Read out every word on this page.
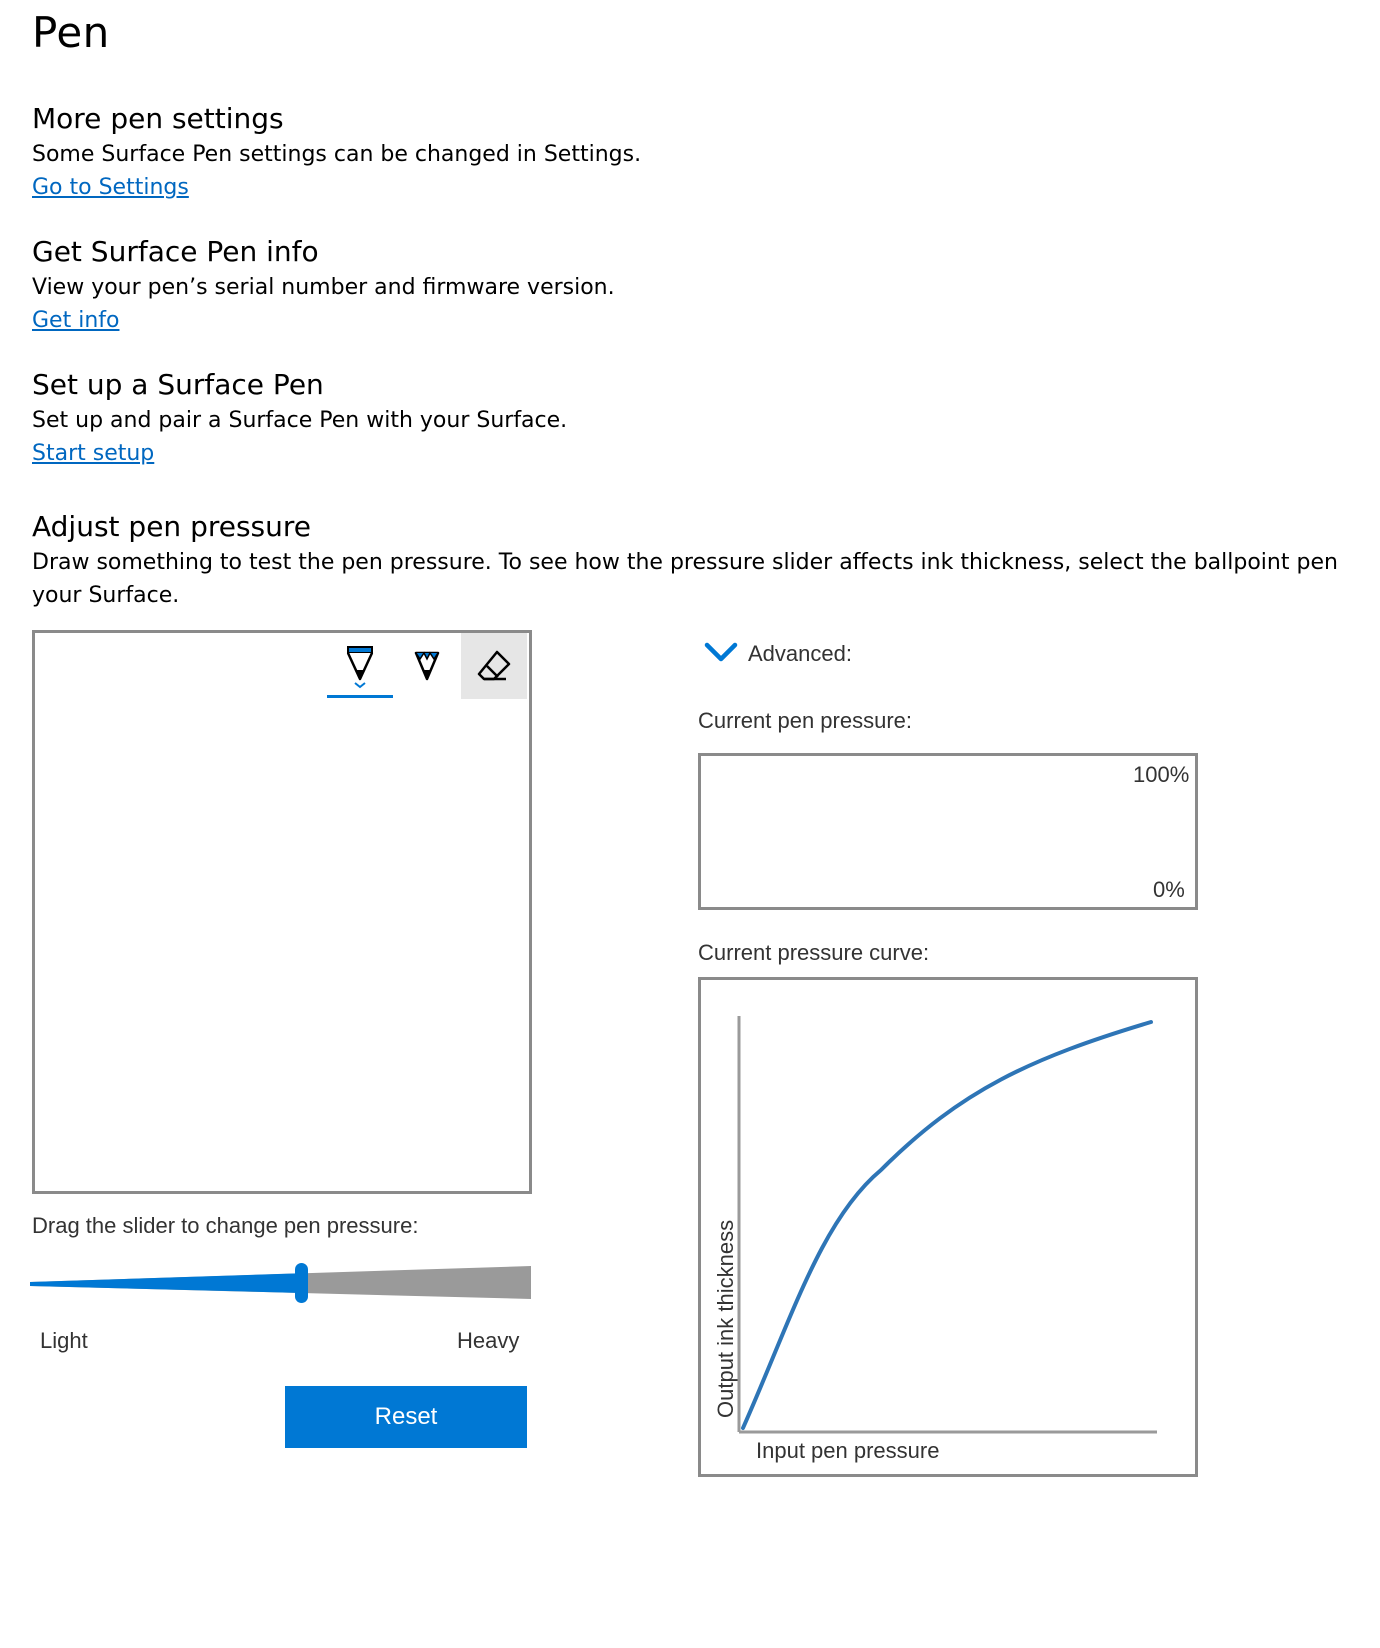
Pen
More pen settings
Some Surface Pen settings can be changed in Settings.
Go to Settings
Get Surface Pen info
View your pen’s serial number and firmware version.
Get info
Set up a Surface Pen
Set up and pair a Surface Pen with your Surface.
Start setup
Adjust pen pressure
Draw something to test the pen pressure. To see how the pressure slider affects ink thickness, select the ballpoint pen
your Surface.
Drag the slider to change pen pressure:
Light	Heavy
Reset
Advanced:
Current pen pressure:
100%
0%
Current pressure curve:
Output ink thickness
Input pen pressure
